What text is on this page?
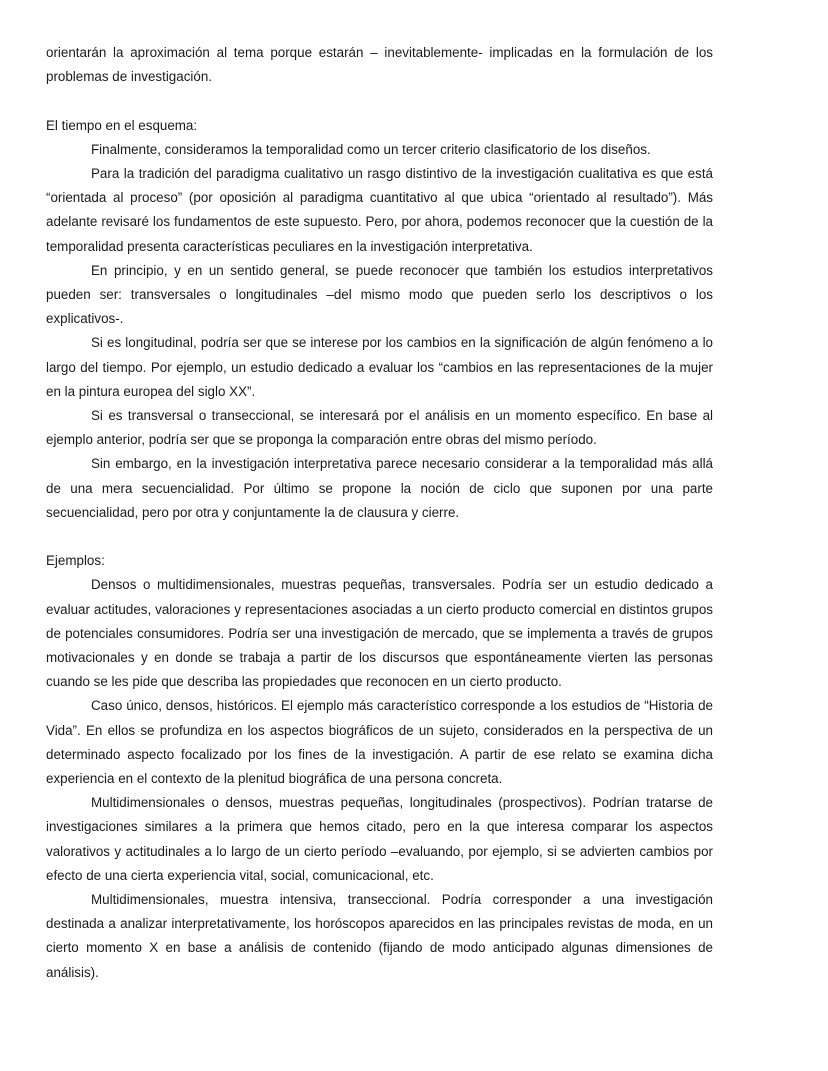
orientarán la aproximación al tema porque estarán – inevitablemente- implicadas en la formulación de los problemas de investigación.

El tiempo en el esquema:

Finalmente, consideramos la temporalidad como un tercer criterio clasificatorio de los diseños.

Para la tradición del paradigma cualitativo un rasgo distintivo de la investigación cualitativa es que está “orientada al proceso” (por oposición al paradigma cuantitativo al que ubica “orientado al resultado”). Más adelante revisaré los fundamentos de este supuesto. Pero, por ahora, podemos reconocer que la cuestión de la temporalidad presenta características peculiares en la investigación interpretativa.

En principio, y en un sentido general, se puede reconocer que también los estudios interpretativos pueden ser: transversales o longitudinales –del mismo modo que pueden serlo los descriptivos o los explicativos-.

Si es longitudinal, podría ser que se interese por los cambios en la significación de algún fenómeno a lo largo del tiempo. Por ejemplo, un estudio dedicado a evaluar los “cambios en las representaciones de la mujer en la pintura europea del siglo XX”.

Si es transversal o transeccional, se interesará por el análisis en un momento específico. En base al ejemplo anterior, podría ser que se proponga la comparación entre obras del mismo período.

Sin embargo, en la investigación interpretativa parece necesario considerar a la temporalidad más allá de una mera secuencialidad. Por último se propone la noción de ciclo que suponen por una parte secuencialidad, pero por otra y conjuntamente la de clausura y cierre.

Ejemplos:

Densos o multidimensionales, muestras pequeñas, transversales. Podría ser un estudio dedicado a evaluar actitudes, valoraciones y representaciones asociadas a un cierto producto comercial en distintos grupos de potenciales consumidores. Podría ser una investigación de mercado, que se implementa a través de grupos motivacionales y en donde se trabaja a partir de los discursos que espontáneamente vierten las personas cuando se les pide que describa las propiedades que reconocen en un cierto producto.

Caso único, densos, históricos. El ejemplo más característico corresponde a los estudios de “Historia de Vida”. En ellos se profundiza en los aspectos biográficos de un sujeto, considerados en la perspectiva de un determinado aspecto focalizado por los fines de la investigación. A partir de ese relato se examina dicha experiencia en el contexto de la plenitud biográfica de una persona concreta.

Multidimensionales o densos, muestras pequeñas, longitudinales (prospectivos). Podrían tratarse de investigaciones similares a la primera que hemos citado, pero en la que interesa comparar los aspectos valorativos y actitudinales a lo largo de un cierto período –evaluando, por ejemplo, si se advierten cambios por efecto de una cierta experiencia vital, social, comunicacional, etc.

Multidimensionales, muestra intensiva, transeccional. Podría corresponder a una investigación destinada a analizar interpretativamente, los horóscopos aparecidos en las principales revistas de moda, en un cierto momento X en base a análisis de contenido (fijando de modo anticipado algunas dimensiones de análisis).
